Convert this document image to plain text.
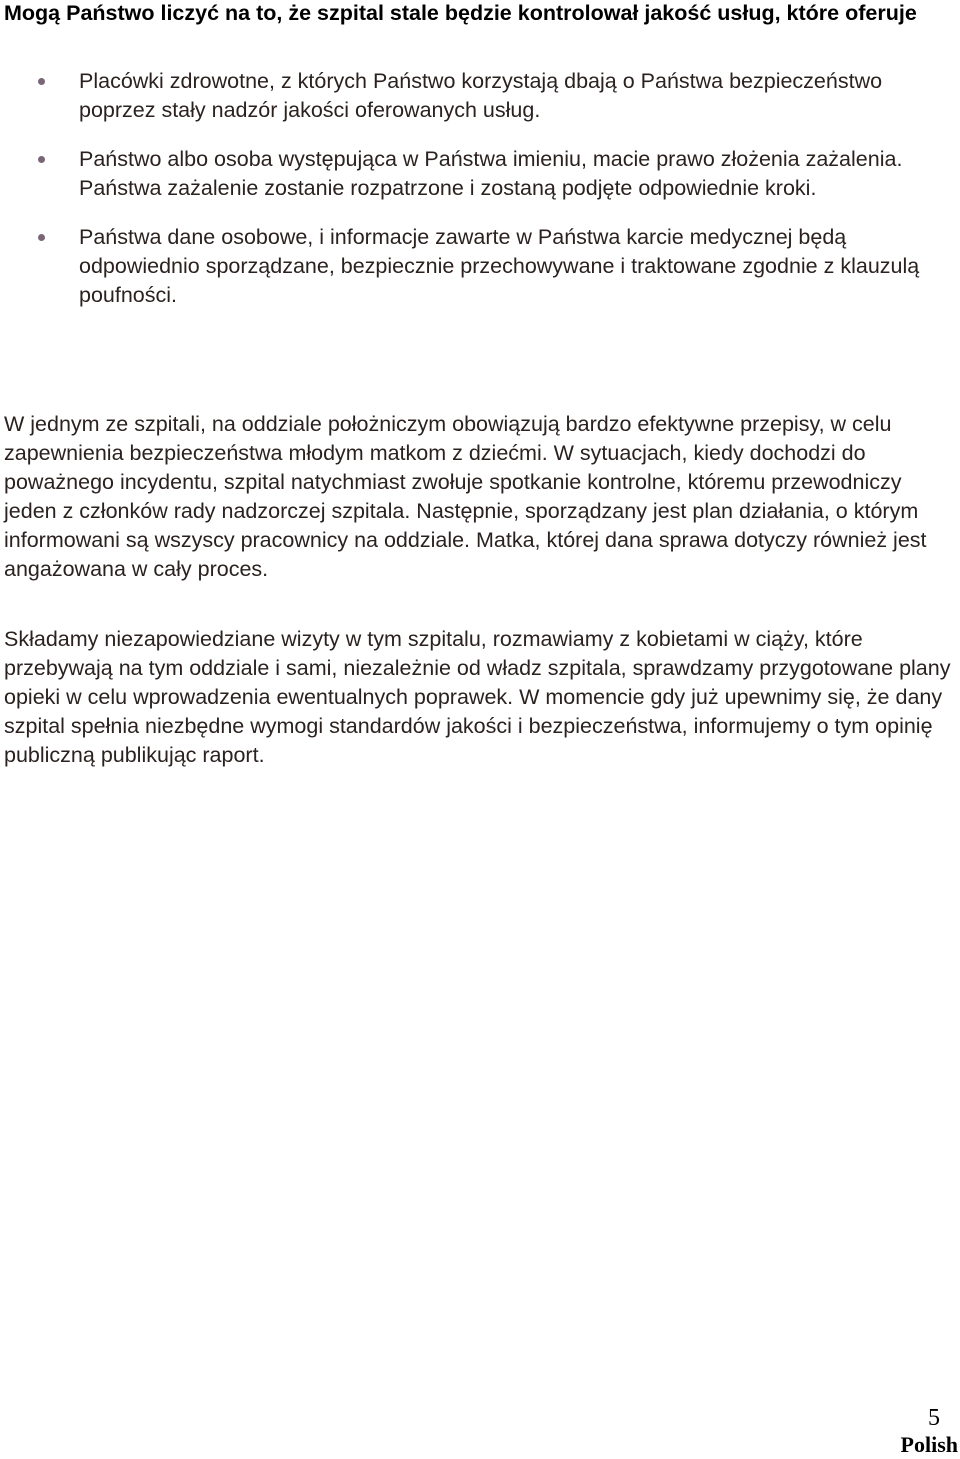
Mogą Państwo liczyć na to, że szpital stale będzie kontrolował jakość usług, które oferuje
Placówki zdrowotne, z których Państwo korzystają dbają o Państwa bezpieczeństwo poprzez stały nadzór jakości oferowanych usług.
Państwo albo osoba występująca w Państwa imieniu, macie prawo złożenia zażalenia. Państwa zażalenie zostanie rozpatrzone i zostaną podjęte odpowiednie kroki.
Państwa dane osobowe, i informacje zawarte w Państwa karcie medycznej będą odpowiednio sporządzane, bezpiecznie przechowywane i traktowane zgodnie z klauzulą poufności.

W jednym ze szpitali, na oddziale położniczym obowiązują bardzo efektywne przepisy, w celu zapewnienia bezpieczeństwa młodym matkom z dziećmi. W sytuacjach, kiedy dochodzi do poważnego incydentu, szpital natychmiast zwołuje spotkanie kontrolne, któremu przewodniczy jeden z członków rady nadzorczej szpitala. Następnie, sporządzany jest plan działania, o którym informowani są wszyscy pracownicy na oddziale. Matka, której dana sprawa dotyczy również jest angażowana w cały proces.

Składamy niezapowiedziane wizyty w tym szpitalu, rozmawiamy z kobietami w ciąży, które przebywają na tym oddziale i sami, niezależnie od władz szpitala, sprawdzamy przygotowane plany opieki w celu wprowadzenia ewentualnych poprawek. W momencie gdy już upewnimy się, że dany szpital spełnia niezbędne wymogi standardów jakości i bezpieczeństwa, informujemy o tym opinię publiczną publikując raport.

5
Polish
